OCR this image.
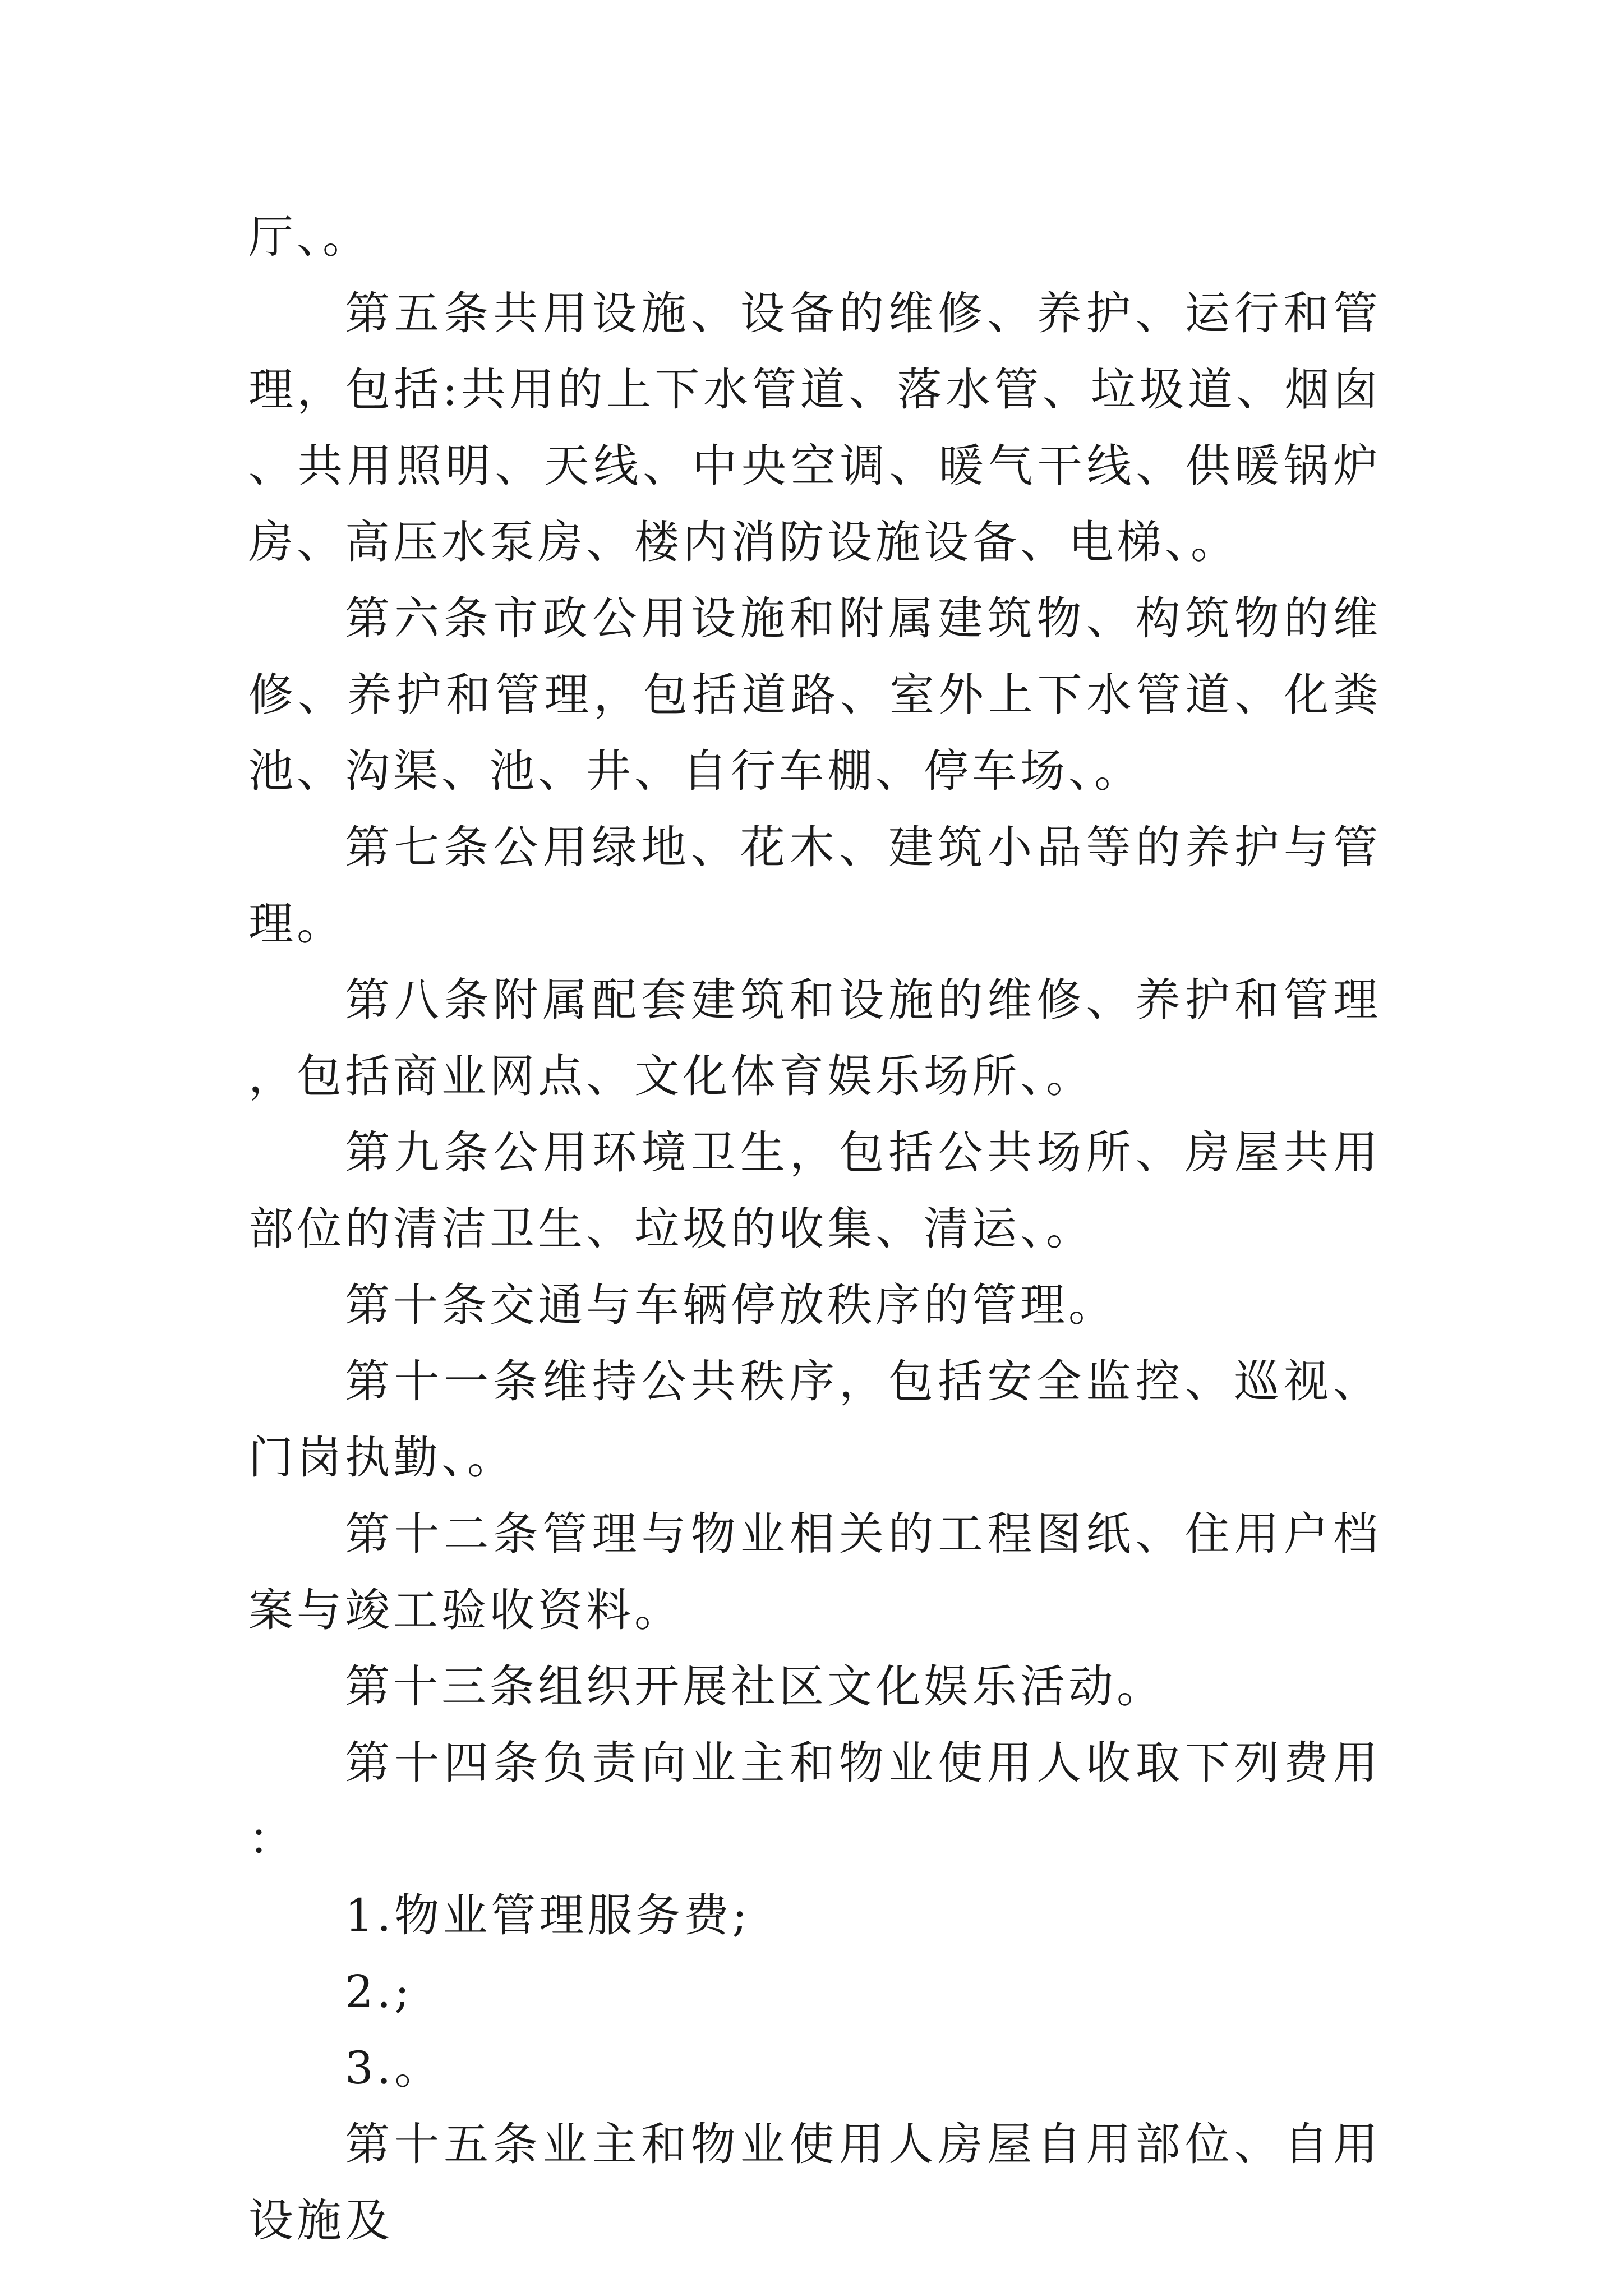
厅、。

第五条共用设施、设备的维修、养护、运行和管理，包括:共用的上下水管道、落水管、垃圾道、烟囱、共用照明、天线、中央空调、暖气干线、供暖锅炉房、高压水泵房、楼内消防设施设备、电梯、。

第六条市政公用设施和附属建筑物、构筑物的维修、养护和管理，包括道路、室外上下水管道、化粪池、沟渠、池、井、自行车棚、停车场、。

第七条公用绿地、花木、建筑小品等的养护与管理。

第八条附属配套建筑和设施的维修、养护和管理，包括商业网点、文化体育娱乐场所、。

第九条公用环境卫生，包括公共场所、房屋共用部位的清洁卫生、垃圾的收集、清运、。

第十条交通与车辆停放秩序的管理。

第十一条维持公共秩序，包括安全监控、巡视、门岗执勤、。

第十二条管理与物业相关的工程图纸、住用户档案与竣工验收资料。

第十三条组织开展社区文化娱乐活动。

第十四条负责向业主和物业使用人收取下列费用：

1.物业管理服务费;

2.;

3.。

第十五条业主和物业使用人房屋自用部位、自用设施及
